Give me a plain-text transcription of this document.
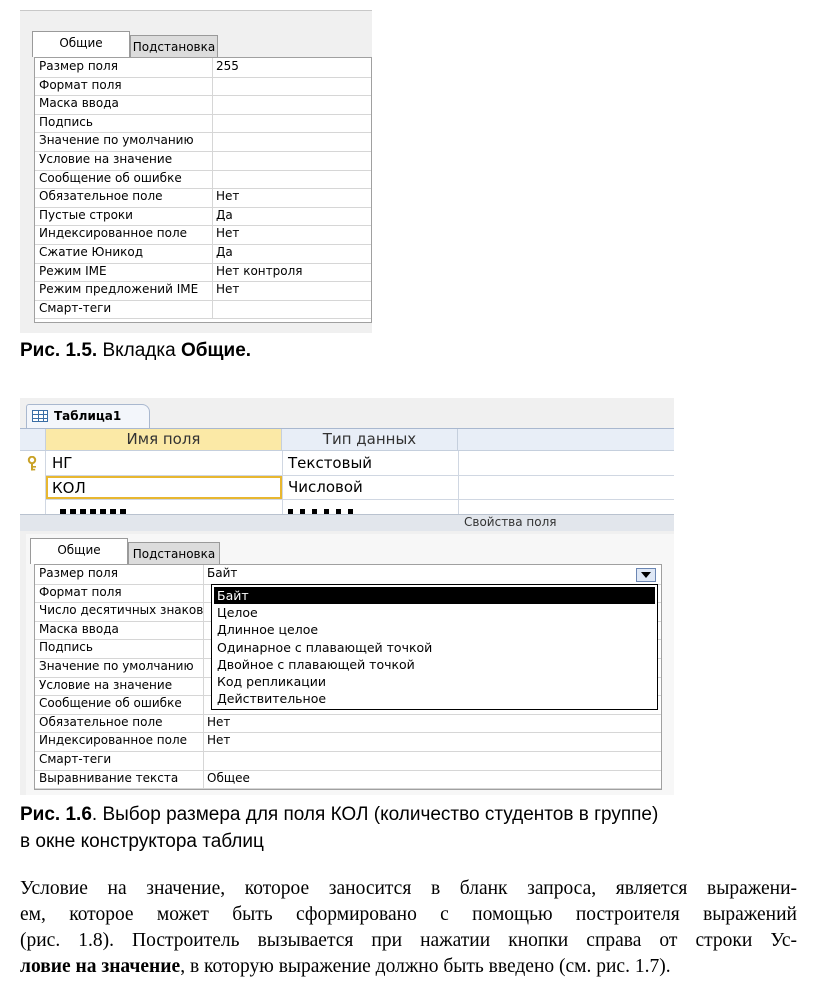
Общие	Подстановка
Размер поля	255
Формат поля
Маска ввода
Подпись
Значение по умолчанию
Условие на значение
Сообщение об ошибке
Обязательное поле	Нет
Пустые строки	Да
Индексированное поле Нет
Сжатие Юникод	Да
Режим IME	Нет контроля
Режим предложений IME Нет
Смарт-теги
Рис. 1.5. Вкладка Общие.
Таблица1
Имя поля	Тип данных
НГ	Текстовый
КОЛ	Числовой
Свойства поля
Общие	Подстановка
Размер поля	Байт
Формат поля
Число десятичных знаков
Маска ввода
Подпись
Значение по умолчанию
Условие на значение
Сообщение об ошибке
Обязательное поле	Нет
Индексированное поле Нет
Смарт-теги
Выравнивание текста Общее
Байт
Целое
Длинное целое
Одинарное с плавающей точкой
Двойное с плавающей точкой
Код репликации
Действительное
Рис. 1.6. Выбор размера для поля КОЛ (количество студентов в группе)
в окне конструктора таблиц
Условие на значение, которое заносится в бланк запроса, является выражени-
ем, которое может быть сформировано с помощью построителя выражений
(рис. 1.8). Построитель вызывается при нажатии кнопки справа от строки Ус-
ловие на значение, в которую выражение должно быть введено (см. рис. 1.7).
